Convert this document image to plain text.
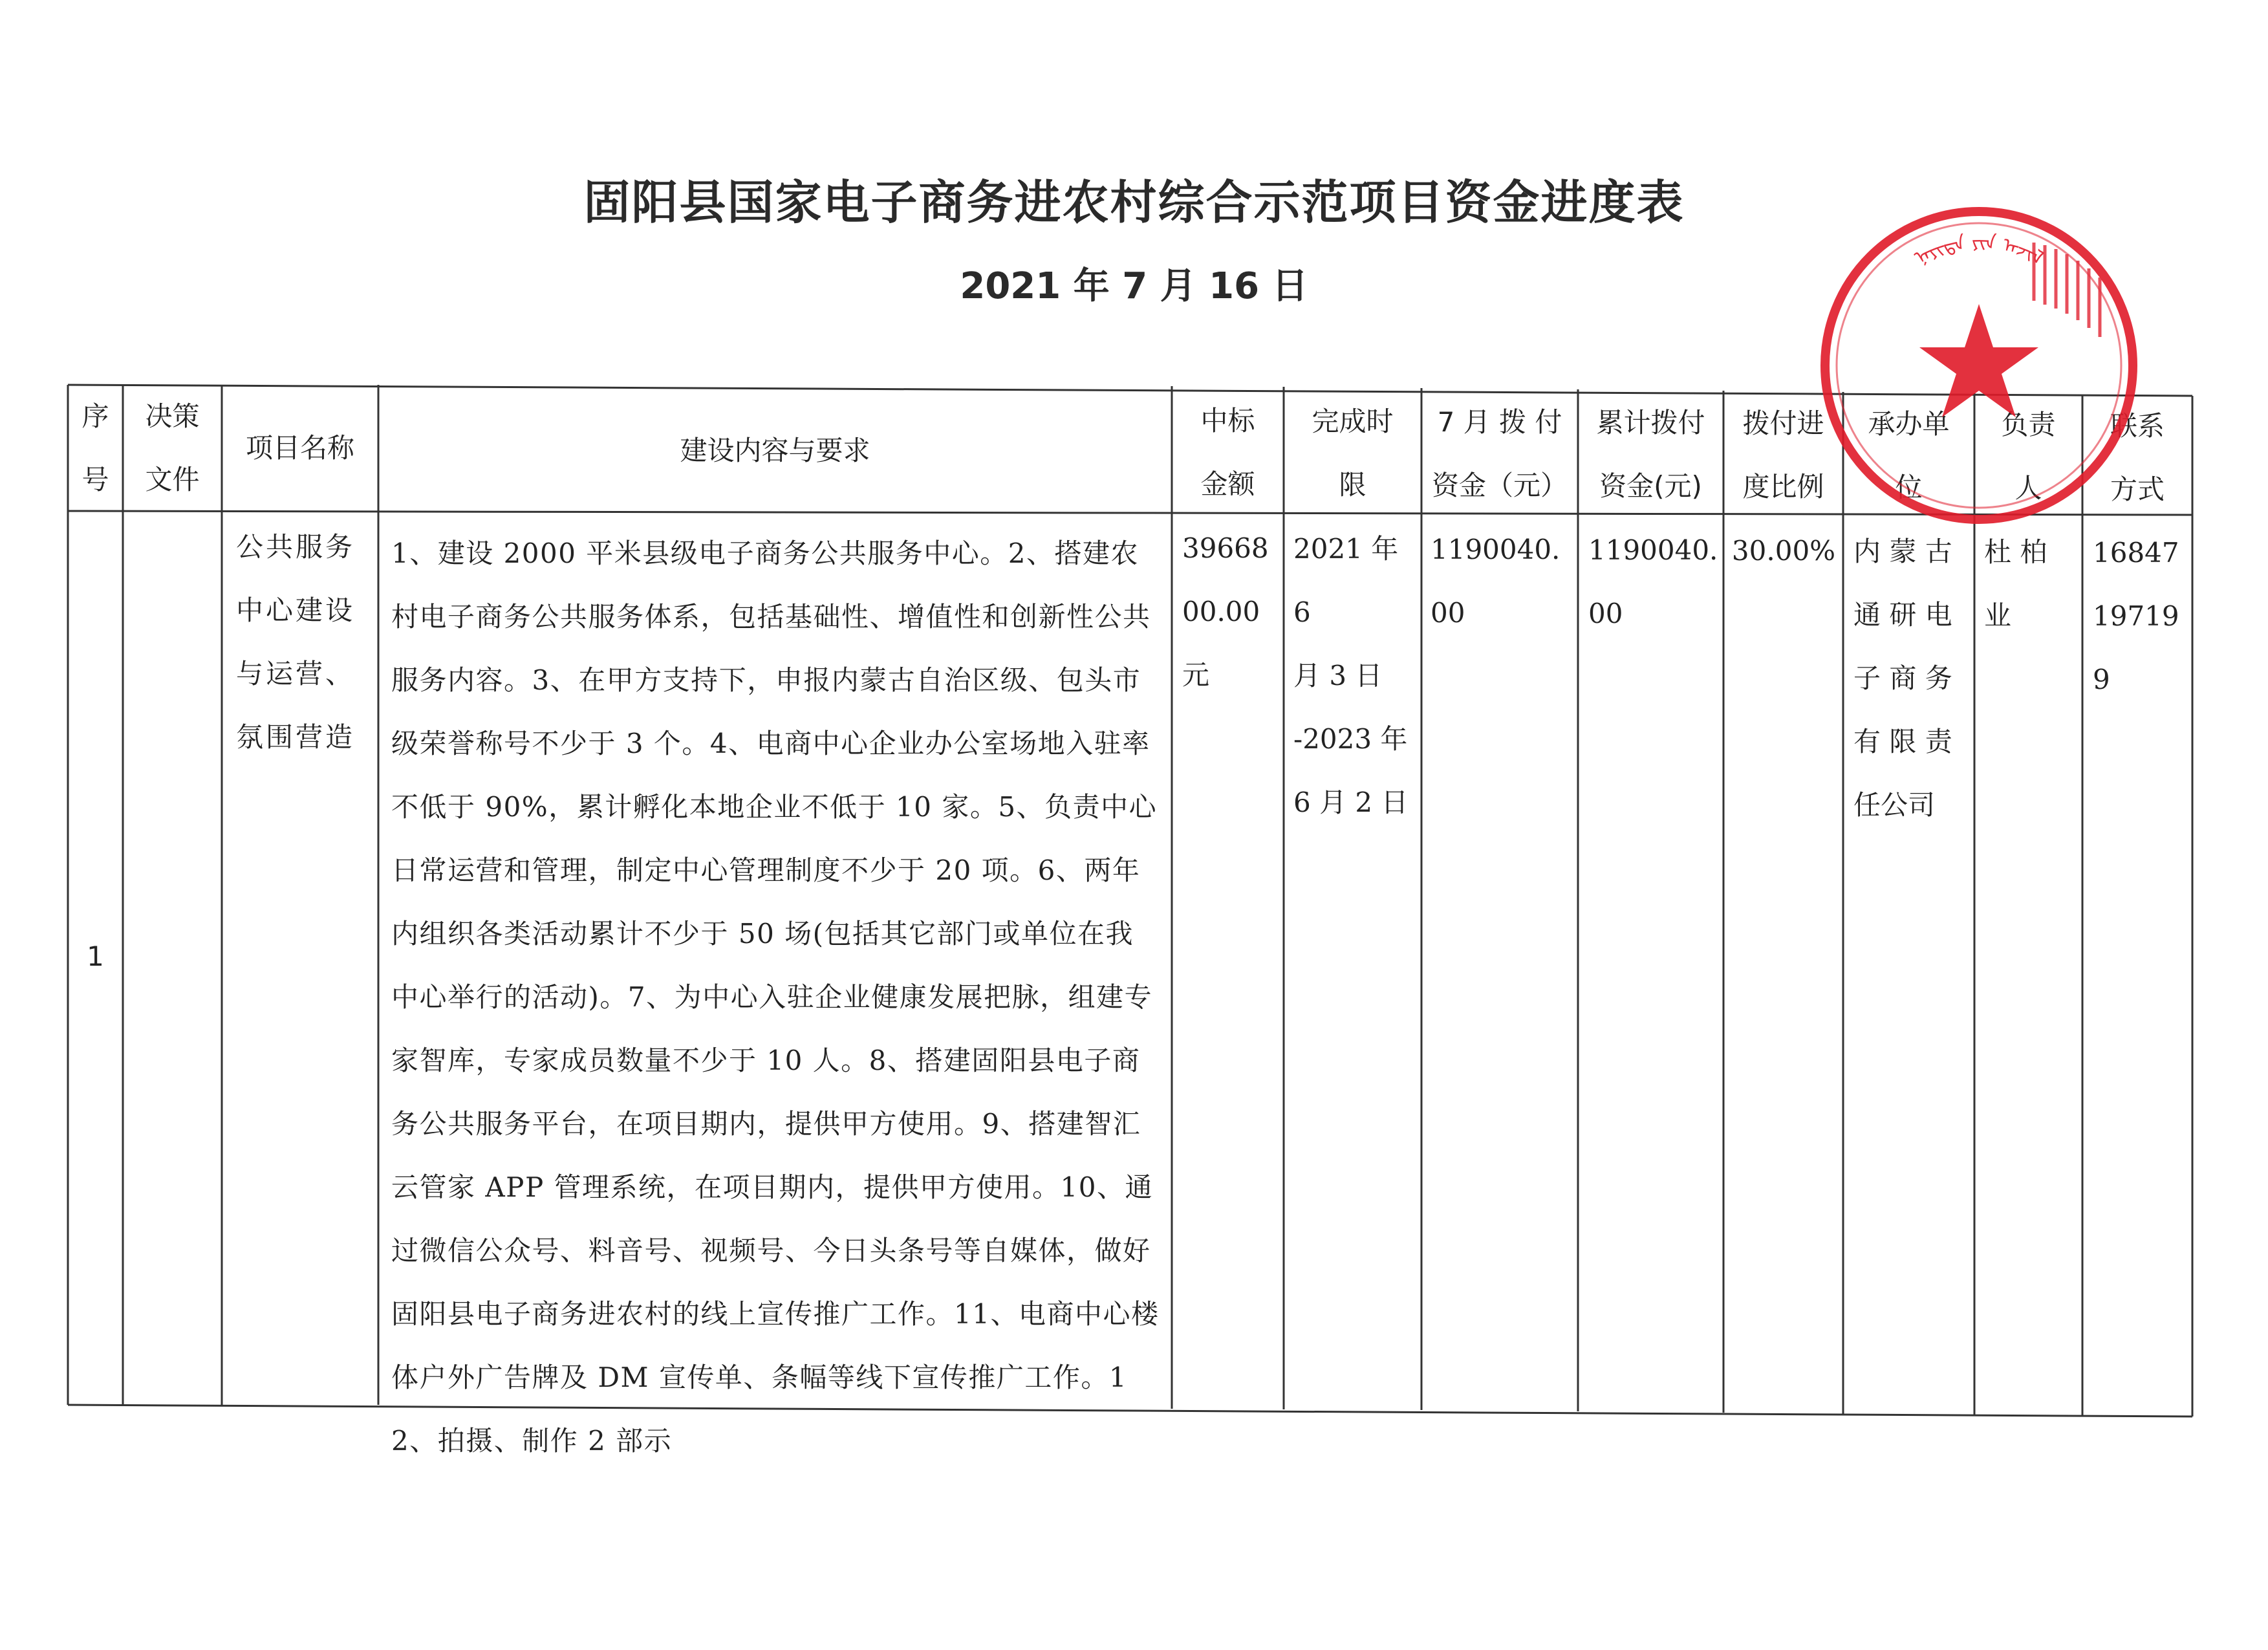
固阳县国家电子商务进农村综合示范项目资金进度表
2021 年 7 月 16 日
序
号
决策
文件
项目名称	建设内容与要求
中标
金额
完成时
限
7 月 拨 付
资金（元）
累计拨付
资金(元)
拨付进
度比例
承办单
位
负责
人
联系
方式
1
公共服务
中心建设
与运营、
氛围营造
1、建设 2000 平米县级电子商务公共服务中心。2、搭建农村电子商务公共服务体系，包括基础性、增值性和创新性公共服务内容。3、在甲方支持下，申报内蒙古自治区级、包头市级荣誉称号不少于 3 个。4、电商中心企业办公室场地入驻率不低于 90%，累计孵化本地企业不低于 10 家。5、负责中心日常运营和管理，制定中心管理制度不少于 20 项。6、两年内组织各类活动累计不少于 50 场(包括其它部门或单位在我中心举行的活动)。7、为中心入驻企业健康发展把脉，组建专家智库，专家成员数量不少于 10 人。8、搭建固阳县电子商务公共服务平台，在项目期内，提供甲方使用。9、搭建智汇云管家 APP 管理系统，在项目期内，提供甲方使用。10、通过微信公众号、料音号、视频号、今日头条号等自媒体，做好固阳县电子商务进农村的线上宣传推广工作。11、电商中心楼体户外广告牌及 DM 宣传单、条幅等线下宣传推广工作。12、拍摄、制作 2 部示
39668
00.00
元
2021 年 6
月 3 日
-2023 年
6 月 2 日
1190040.
00
1190040.
00
30.00% 内 蒙 古
通 研 电
子 商 务
有 限 责
任公司
杜 柏
业
16847
19719
9
ᠨᠡᠶᠢᠲᠡ ᠶᠢᠨ ᠠᠵᠢᠯ
